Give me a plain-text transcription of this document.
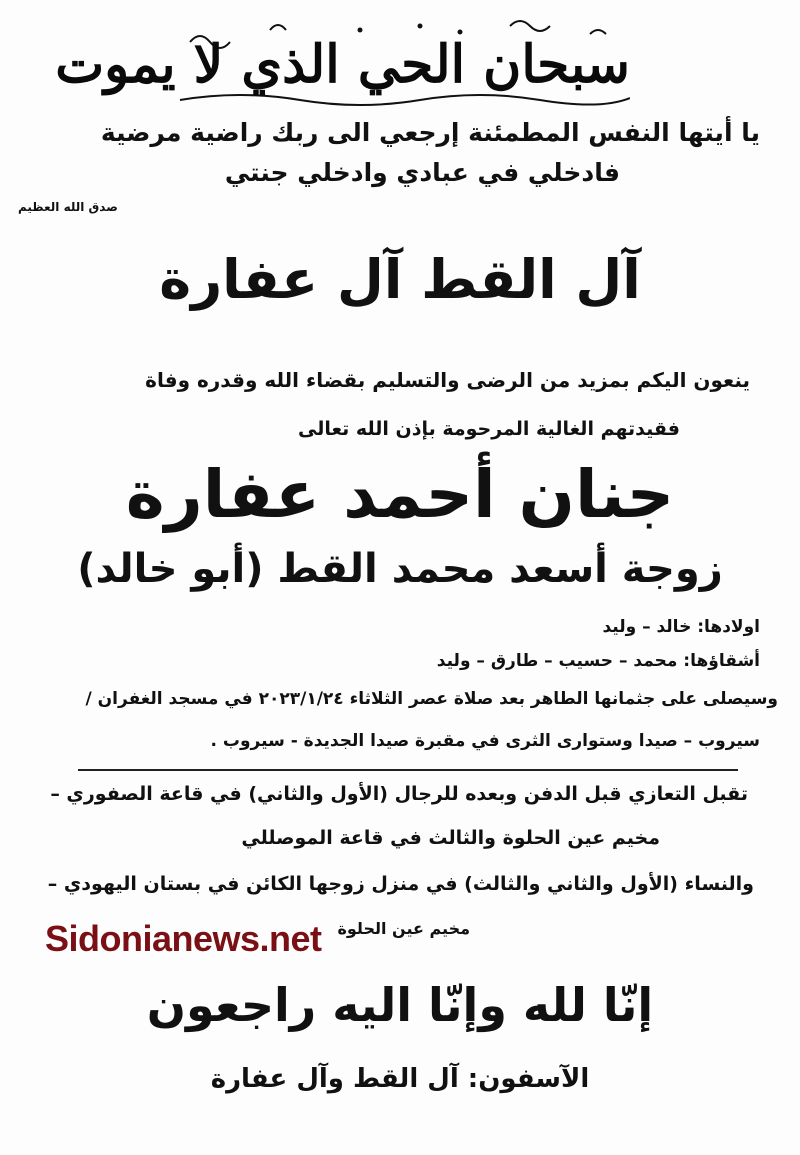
سبحان الحي الذي لا يموت
يا أيتها النفس المطمئنة إرجعي الى ربك راضية مرضية
فادخلي في عبادي وادخلي جنتي
صدق الله العظيم
آل القط آل عفارة
ينعون اليكم بمزيد من الرضى والتسليم بقضاء الله وقدره وفاة
فقيدتهم الغالية المرحومة بإذن الله تعالى
جنان أحمد عفارة
زوجة أسعد محمد القط (أبو خالد)
اولادها: خالد – وليد
أشقاؤها: محمد – حسيب – طارق – وليد
وسيصلى على جثمانها الطاهر بعد صلاة عصر الثلاثاء ٢٠٢٣/١/٢٤ في مسجد الغفران /
سيروب – صيدا وستوارى الثرى في مقبرة صيدا الجديدة - سيروب .
تقبل التعازي قبل الدفن وبعده للرجال (الأول والثاني) في قاعة الصفوري –
مخيم عين الحلوة والثالث في قاعة الموصللي
والنساء (الأول والثاني والثالث) في منزل زوجها الكائن في بستان اليهودي –
مخيم عين الحلوة
Sidonianews.net
إنّا لله وإنّا اليه راجعون
الآسفون: آل القط وآل عفارة
